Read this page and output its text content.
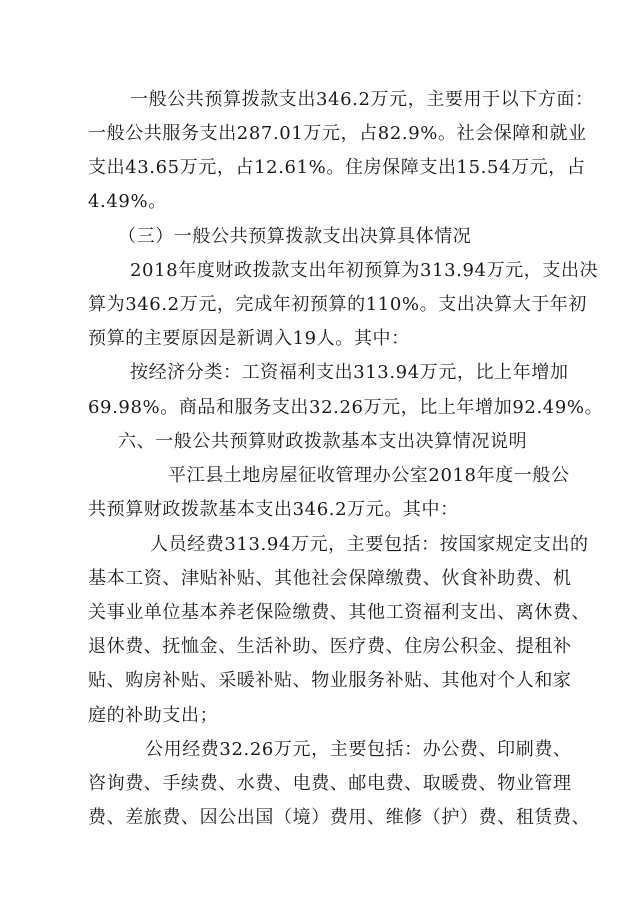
一般公共预算拨款支出346.2万元，主要用于以下方面：
一般公共服务支出287.01万元，占82.9%。社会保障和就业
支出43.65万元，占12.61%。住房保障支出15.54万元，占
4.49%。
（三）一般公共预算拨款支出决算具体情况
2018年度财政拨款支出年初预算为313.94万元，支出决
算为346.2万元，完成年初预算的110%。支出决算大于年初
预算的主要原因是新调入19人。其中：
按经济分类：工资福利支出313.94万元，比上年增加
69.98%。商品和服务支出32.26万元，比上年增加92.49%。
六、一般公共预算财政拨款基本支出决算情况说明
平江县土地房屋征收管理办公室2018年度一般公
共预算财政拨款基本支出346.2万元。其中：
人员经费313.94万元，主要包括：按国家规定支出的
基本工资、津贴补贴、其他社会保障缴费、伙食补助费、机
关事业单位基本养老保险缴费、其他工资福利支出、离休费、
退休费、抚恤金、生活补助、医疗费、住房公积金、提租补
贴、购房补贴、采暖补贴、物业服务补贴、其他对个人和家
庭的补助支出；
公用经费32.26万元，主要包括：办公费、印刷费、
咨询费、手续费、水费、电费、邮电费、取暖费、物业管理
费、差旅费、因公出国（境）费用、维修（护）费、租赁费、
